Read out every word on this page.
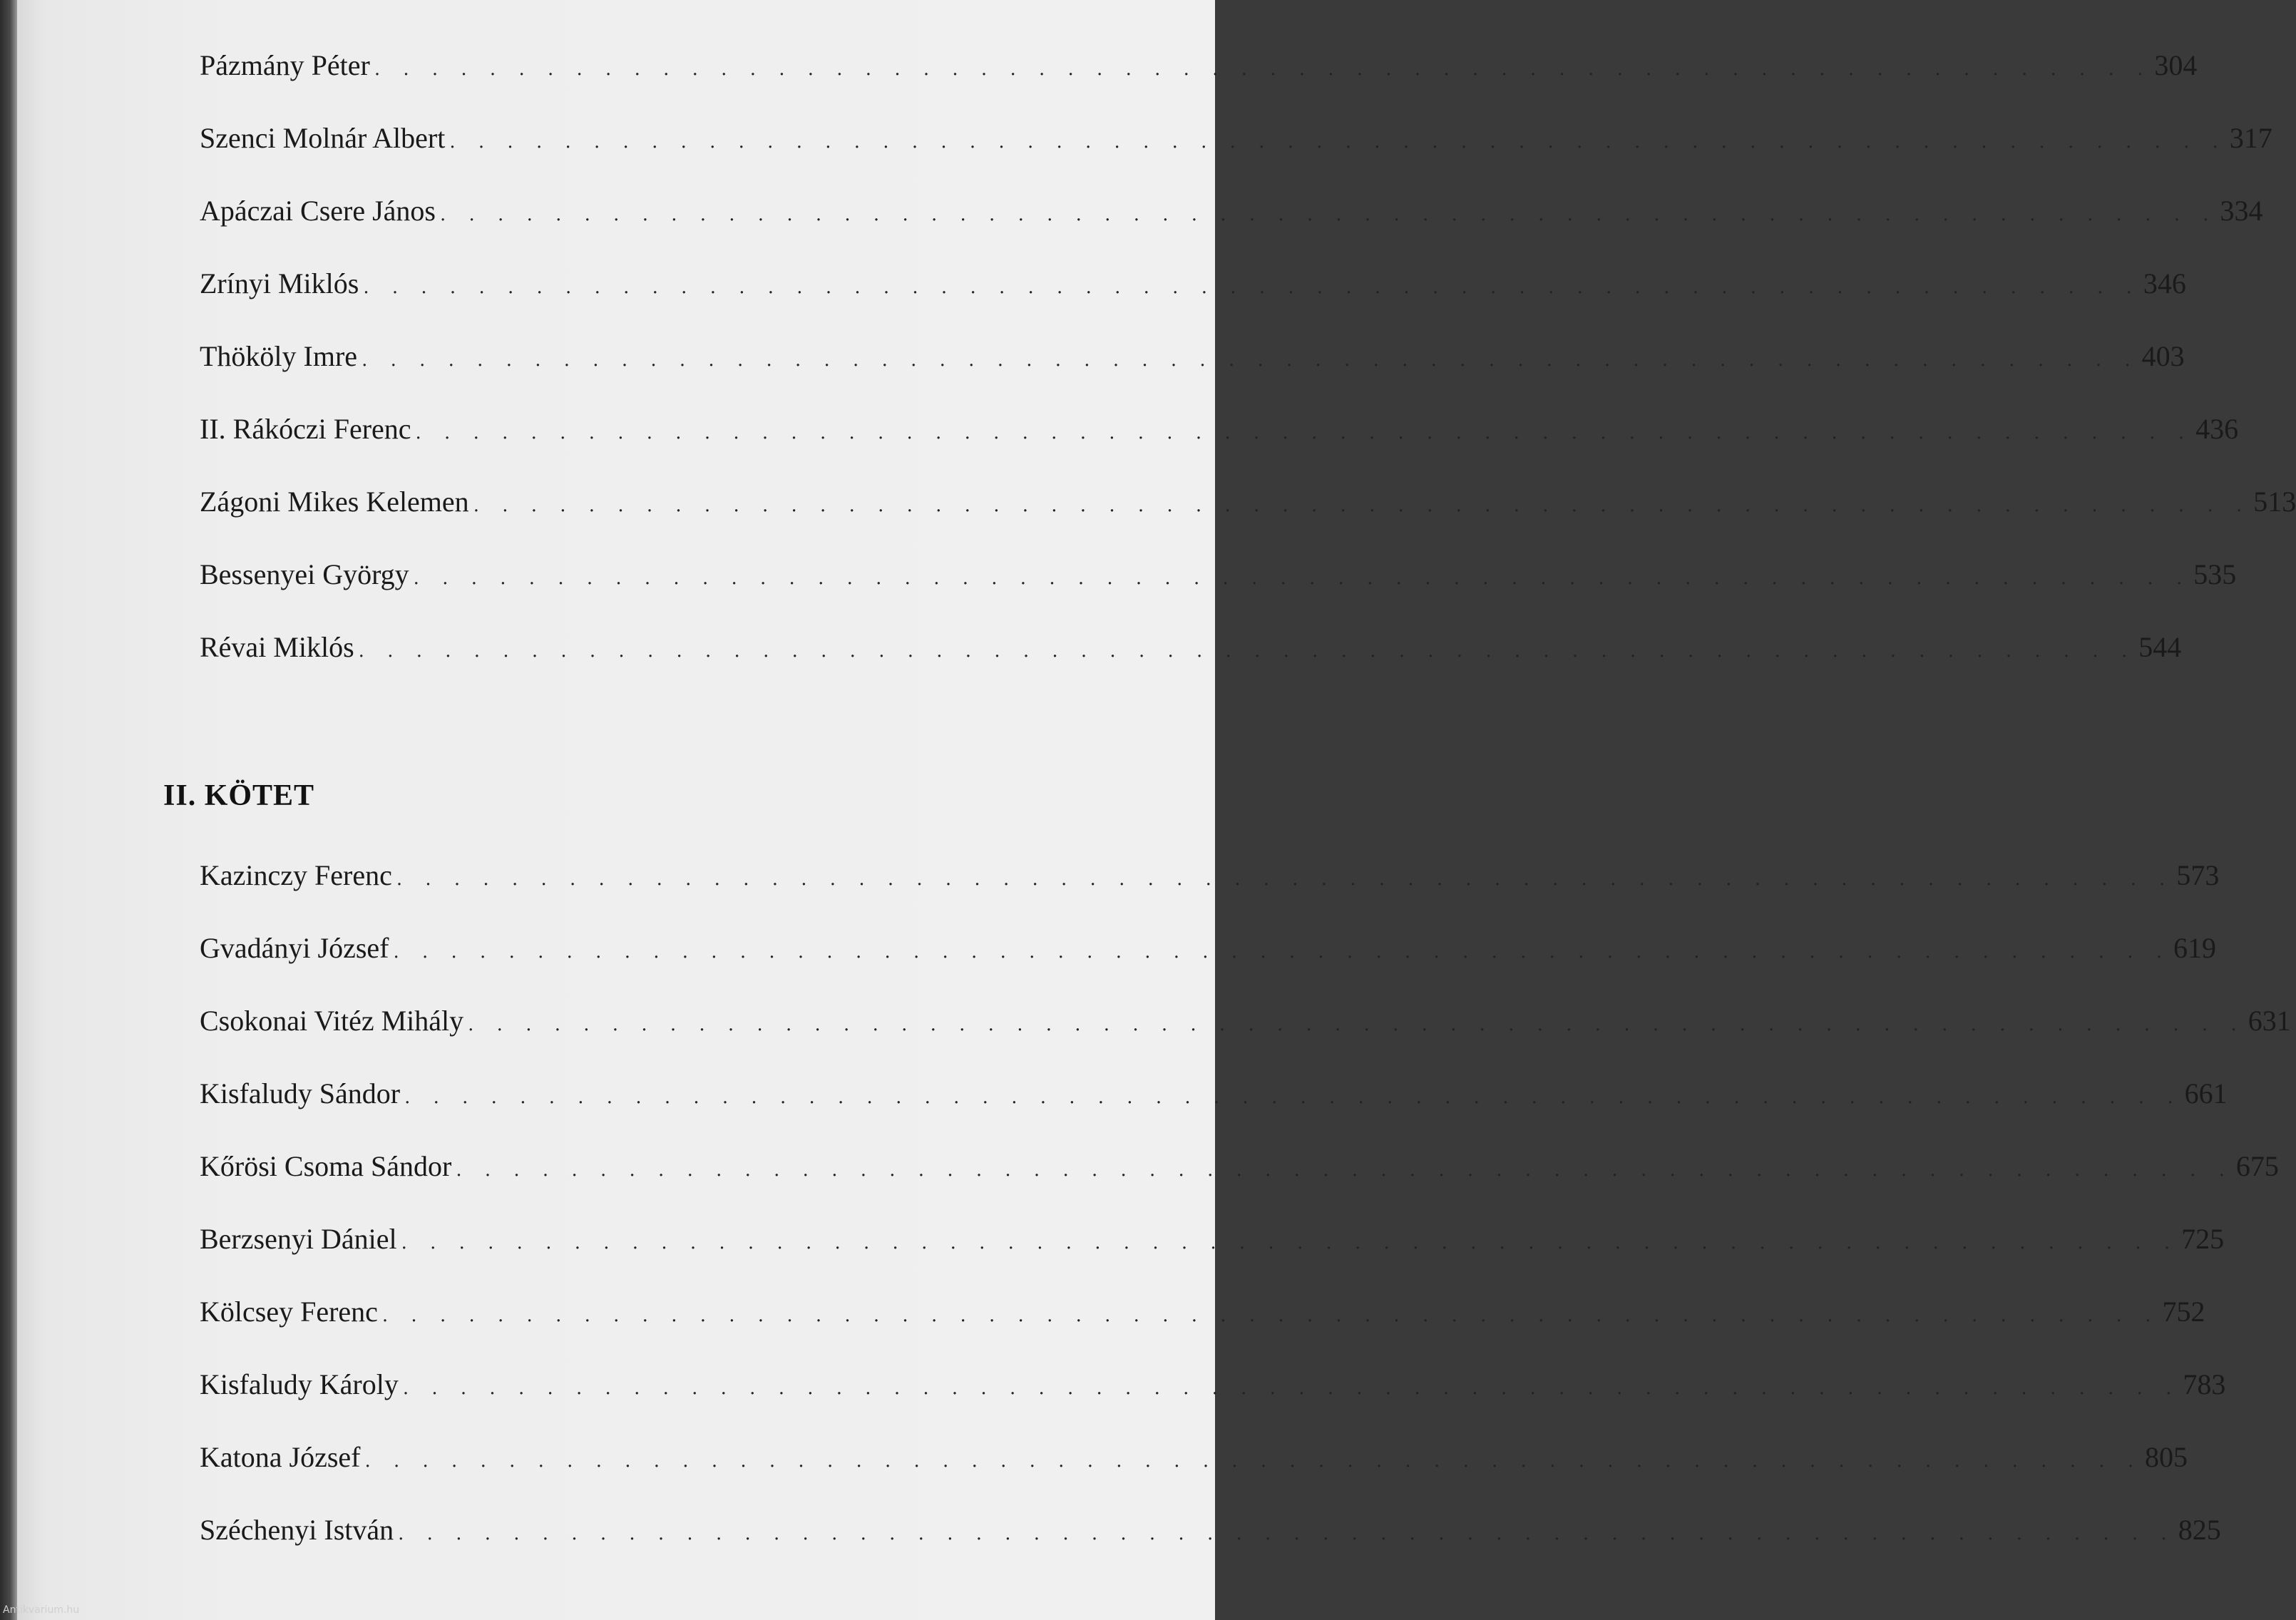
Pázmány Péter . . . . . . . . . . . . . . . . . . . . . . . . . . . . . . . . . . . . . . . . . . . . . . . . . . . . . . . . . . . . . . 304
Szenci Molnár Albert . . . . . . . . . . . . . . . . . . . . . . . . . . . . . . . . . . . . . . . . . . . . . . . . . . . . . . . . . . . . . . 317
Apáczai Csere János . . . . . . . . . . . . . . . . . . . . . . . . . . . . . . . . . . . . . . . . . . . . . . . . . . . . . . . . . . . . . . 334
Zrínyi Miklós . . . . . . . . . . . . . . . . . . . . . . . . . . . . . . . . . . . . . . . . . . . . . . . . . . . . . . . . . . . . . . 346
Thököly Imre . . . . . . . . . . . . . . . . . . . . . . . . . . . . . . . . . . . . . . . . . . . . . . . . . . . . . . . . . . . . . . 403
II. Rákóczi Ferenc . . . . . . . . . . . . . . . . . . . . . . . . . . . . . . . . . . . . . . . . . . . . . . . . . . . . . . . . . . . . . . 436
Zágoni Mikes Kelemen . . . . . . . . . . . . . . . . . . . . . . . . . . . . . . . . . . . . . . . . . . . . . . . . . . . . . . . . . . . . . . 513
Bessenyei György . . . . . . . . . . . . . . . . . . . . . . . . . . . . . . . . . . . . . . . . . . . . . . . . . . . . . . . . . . . . . . 535
Révai Miklós . . . . . . . . . . . . . . . . . . . . . . . . . . . . . . . . . . . . . . . . . . . . . . . . . . . . . . . . . . . . . . 544
II. KÖTET
Kazinczy Ferenc . . . . . . . . . . . . . . . . . . . . . . . . . . . . . . . . . . . . . . . . . . . . . . . . . . . . . . . . . . . . . . 573
Gvadányi József . . . . . . . . . . . . . . . . . . . . . . . . . . . . . . . . . . . . . . . . . . . . . . . . . . . . . . . . . . . . . . 619
Csokonai Vitéz Mihály . . . . . . . . . . . . . . . . . . . . . . . . . . . . . . . . . . . . . . . . . . . . . . . . . . . . . . . . . . . . . . 631
Kisfaludy Sándor . . . . . . . . . . . . . . . . . . . . . . . . . . . . . . . . . . . . . . . . . . . . . . . . . . . . . . . . . . . . . . 661
Kőrösi Csoma Sándor . . . . . . . . . . . . . . . . . . . . . . . . . . . . . . . . . . . . . . . . . . . . . . . . . . . . . . . . . . . . . . 675
Berzsenyi Dániel . . . . . . . . . . . . . . . . . . . . . . . . . . . . . . . . . . . . . . . . . . . . . . . . . . . . . . . . . . . . . . 725
Kölcsey Ferenc . . . . . . . . . . . . . . . . . . . . . . . . . . . . . . . . . . . . . . . . . . . . . . . . . . . . . . . . . . . . . . 752
Kisfaludy Károly . . . . . . . . . . . . . . . . . . . . . . . . . . . . . . . . . . . . . . . . . . . . . . . . . . . . . . . . . . . . . . 783
Katona József . . . . . . . . . . . . . . . . . . . . . . . . . . . . . . . . . . . . . . . . . . . . . . . . . . . . . . . . . . . . . . 805
Széchenyi István . . . . . . . . . . . . . . . . . . . . . . . . . . . . . . . . . . . . . . . . . . . . . . . . . . . . . . . . . . . . . . 825
Antikvarium.hu
